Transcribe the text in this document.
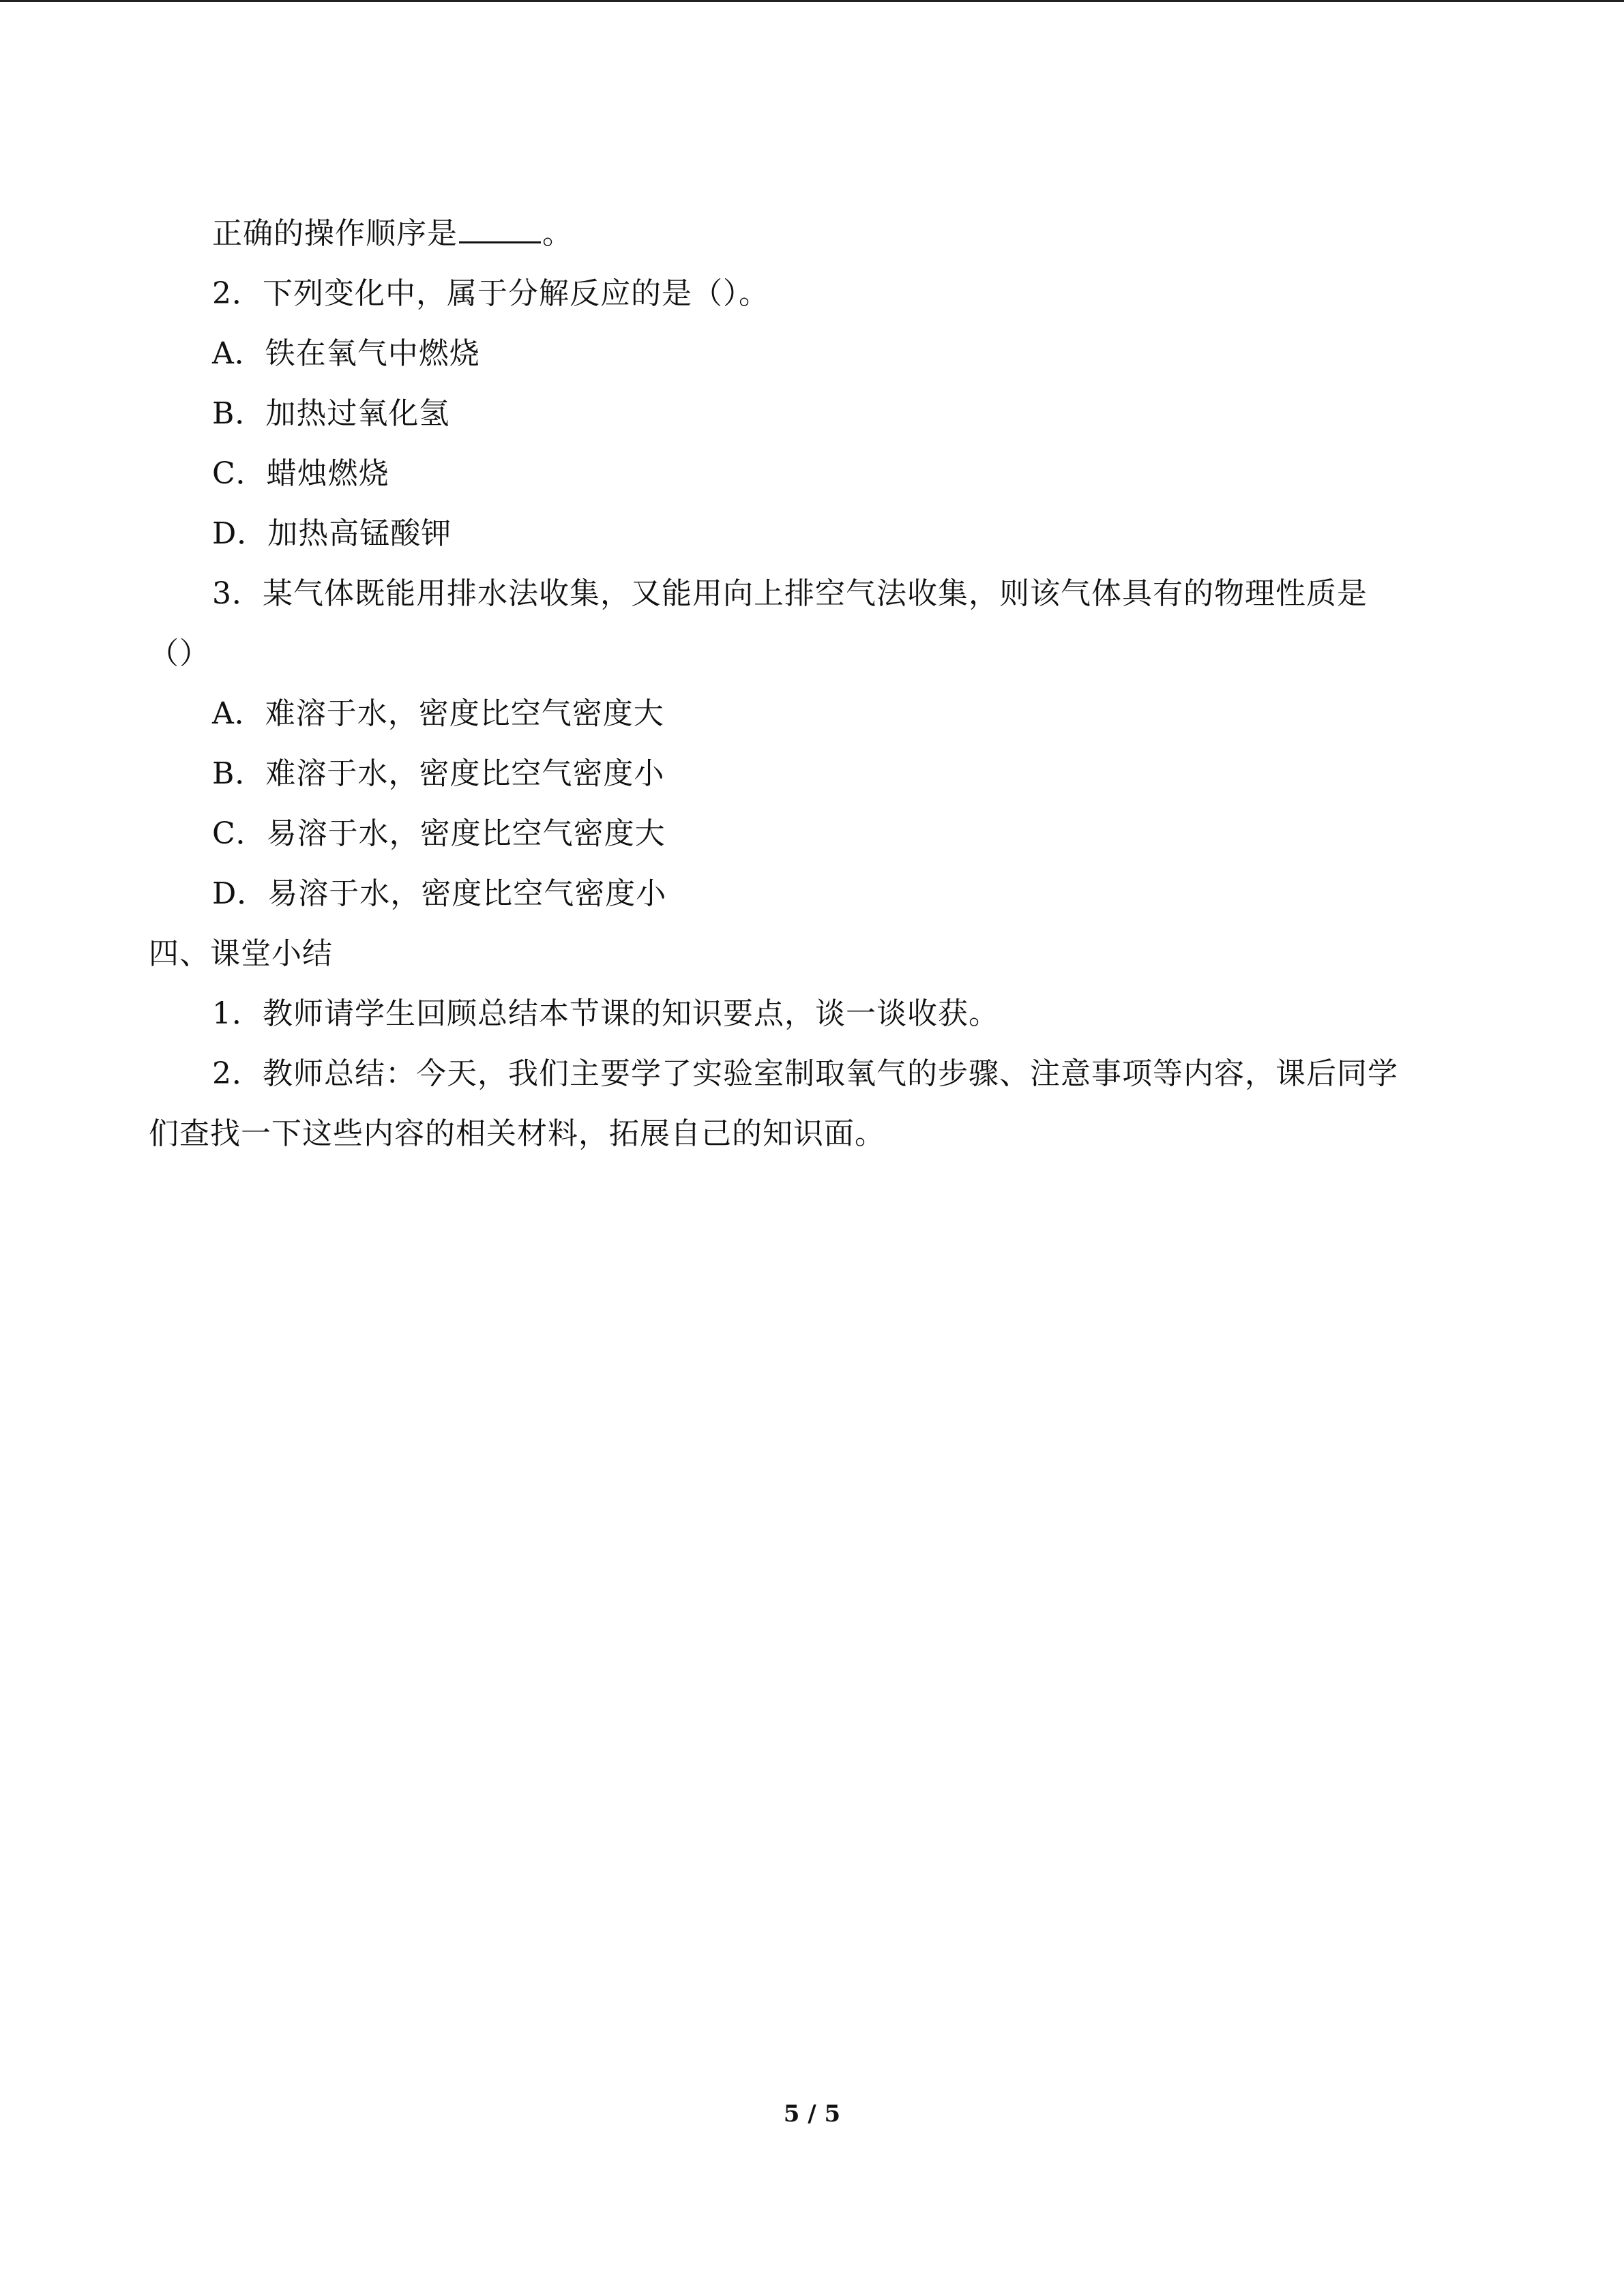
正确的操作顺序是	。
2．下列变化中，属于分解反应的是（）。
A．铁在氧气中燃烧
B．加热过氧化氢
C．蜡烛燃烧
D．加热高锰酸钾
3．某气体既能用排水法收集，又能用向上排空气法收集，则该气体具有的物理性质是
（）
A．难溶于水，密度比空气密度大
B．难溶于水，密度比空气密度小
C．易溶于水，密度比空气密度大
D．易溶于水，密度比空气密度小
四、课堂小结
1．教师请学生回顾总结本节课的知识要点，谈一谈收获。
2．教师总结：今天，我们主要学了实验室制取氧气的步骤、注意事项等内容，课后同学
们查找一下这些内容的相关材料，拓展自己的知识面。
5 / 5
